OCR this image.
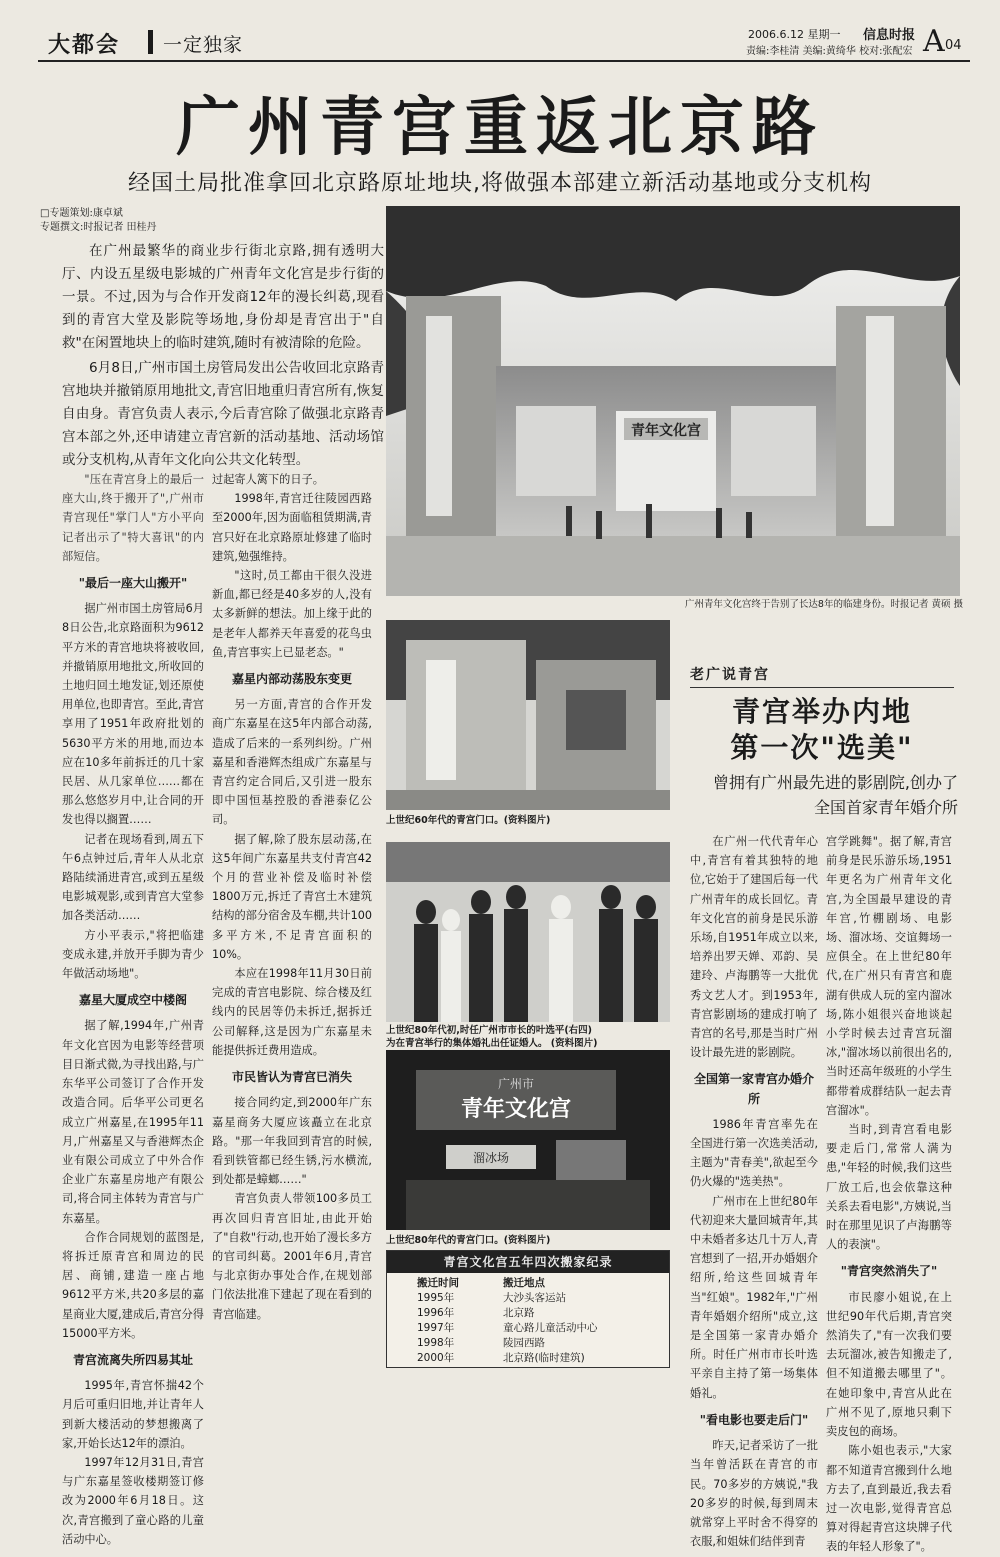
大都会 一定独家	2006.6.12 星期一 信息时报
责编:李桂清 美编:黄绮华 校对:张配宏 A 04
广州青宫重返北京路
经国土局批准拿回北京路原址地块,将做强本部建立新活动基地或分支机构
□专题策划:康卓斌
专题撰文:时报记者 田桂丹

在广州最繁华的商业步行街北京路,拥有透明大厅、内设五星级电影城的广州青年文化宫是步行街的一景。不过,因为与合作开发商12年的漫长纠葛,现看到的青宫大堂及影院等场地,身份却是青宫出于"自救"在闲置地块上的临时建筑,随时有被清除的危险。

6月8日,广州市国土房管局发出公告收回北京路青宫地块并撤销原用地批文,青宫旧地重归青宫所有,恢复自由身。青宫负责人表示,今后青宫除了做强北京路青宫本部之外,还申请建立青宫新的活动基地、活动场馆或分支机构,从青年文化向公共文化转型。

"压在青宫身上的最后一座大山,终于搬开了",广州市青宫现任"掌门人"方小平向记者出示了"特大喜讯"的内部短信。

"最后一座大山搬开"

据广州市国土房管局6月8日公告,北京路面积为9612平方米的青宫地块将被收回,并撤销原用地批文,所收回的土地归回土地发证,划还原使用单位,也即青宫。至此,青宫享用了1951年政府批划的5630平方米的用地,而边本应在10多年前拆迁的几十家民居、从几家单位……都在那么悠悠岁月中,让合同的开发也得以搁置……

记者在现场看到,周五下午6点钟过后,青年人从北京路陆续涌进青宫,或到五星级电影城观影,或到青宫大堂参加各类活动……

方小平表示,"将把临建变成永建,并放开手脚为青少年做活动场地"。

嘉星大厦成空中楼阁

据了解,1994年,广州青年文化宫因为电影等经营项目日渐式微,为寻找出路,与广东华平公司签订了合作开发改造合同。后华平公司更名成立广州嘉星,在1995年11月,广州嘉星又与香港辉杰企业有限公司成立了中外合作企业广东嘉星房地产有限公司,将合同主体转为青宫与广东嘉星。

合作合同规划的蓝图是,将拆迁原青宫和周边的民居、商铺,建造一座占地9612平方米,共20多层的嘉星商业大厦,建成后,青宫分得15000平方米。

青宫流离失所四易其址

1995年,青宫怀揣42个月后可重归旧地,并让青年人到新大楼活动的梦想搬离了家,开始长达12年的漂泊。

1997年12月31日,青宫与广东嘉星签收楼期签订修改为2000年6月18日。这次,青宫搬到了童心路的儿童活动中心。

过起寄人篱下的日子。

1998年,青宫迁往陵园西路至2000年,因为面临租赁期满,青宫只好在北京路原址修建了临时建筑,勉强维持。

"这时,员工都由干很久没进新血,都已经是40多岁的人,没有太多新鲜的想法。加上缘于此的是老年人都养天年喜爱的花鸟虫鱼,青宫事实上已显老态。"

嘉星内部动荡股东变更

另一方面,青宫的合作开发商广东嘉星在这5年内部合动荡,造成了后来的一系列纠纷。广州嘉星和香港辉杰组成广东嘉星与青宫约定合同后,又引进一股东即中国恒基控股的香港泰亿公司。

据了解,除了股东层动荡,在这5年间广东嘉星共支付青宫42个月的营业补偿及临时补偿1800万元,拆迁了青宫土木建筑结构的部分宿舍及车棚,共计100多平方米,不足青宫面积的10%。

本应在1998年11月30日前完成的青宫电影院、综合楼及红线内的民居等仍未拆迁,据拆迁公司解释,这是因为广东嘉星未能提供拆迁费用造成。

市民皆认为青宫已消失

接合同约定,到2000年广东嘉星商务大厦应该矗立在北京路。"那一年我回到青宫的时候,看到铁管都已经生锈,污水横流,到处都是蟑螂……"

青宫负责人带领100多员工再次回归青宫旧址,由此开始了"自救"行动,也开始了漫长多方的官司纠葛。2001年6月,青宫与北京街办事处合作,在规划部门依法批准下建起了现在看到的青宫临建。

青年文化宫
广州青年文化宫终于告别了长达8年的临建身份。时报记者 黄硕 摄
上世纪60年代的青宫门口。(资料图片)
上世纪80年代初,时任广州市市长的叶选平(右四)
为在青宫举行的集体婚礼出任证婚人。 (资料图片)
广州市
青年文化宫
溜冰场
上世纪80年代的青宫门口。(资料图片)
青宫文化宫五年四次搬家纪录
搬迁时间	搬迁地点
1995年	大沙头客运站
1996年	北京路
1997年	童心路儿童活动中心
1998年	陵园西路
2000年	北京路(临时建筑)
老广说青宫
青宫举办内地
第一次"选美"
曾拥有广州最先进的影剧院,创办了全国首家青年婚介所

在广州一代代青年心中,青宫有着其独特的地位,它始于了建国后每一代广州青年的成长回忆。青年文化宫的前身是民乐游乐场,自1951年成立以来,培养出罗天婵、邓韵、吴建玲、卢海鹏等一大批优秀文艺人才。到1953年,青宫影剧场的建成打响了青宫的名号,那是当时广州设计最先进的影剧院。

全国第一家青宫办婚介所

1986年青宫率先在全国进行第一次选美活动,主题为"青春美",欲起至今仍火爆的"选美热"。

广州市在上世纪80年代初迎来大量回城青年,其中未婚者多达几十万人,青宫想到了一招,开办婚姻介绍所,给这些回城青年当"红娘"。1982年,"广州青年婚姻介绍所"成立,这是全国第一家青办婚介所。时任广州市市长叶选平亲自主持了第一场集体婚礼。

"看电影也要走后门"

昨天,记者采访了一批当年曾活跃在青宫的市民。70多岁的方姨说,"我20多岁的时候,每到周末就常穿上平时舍不得穿的衣服,和姐妹们结伴到青

宫学跳舞"。据了解,青宫前身是民乐游乐场,1951年更名为广州青年文化宫,为全国最早建设的青年宫,竹棚剧场、电影场、溜冰场、交谊舞场一应俱全。在上世纪80年代,在广州只有青宫和鹿湖有供成人玩的室内溜冰场,陈小姐很兴奋地谈起小学时候去过青宫玩溜冰,"溜冰场以前很出名的,当时还高年级班的小学生都带着成群结队一起去青宫溜冰"。

当时,到青宫看电影要走后门,常常人满为患,"年轻的时候,我们这些厂放工后,也会依靠这种关系去看电影",方姨说,当时在那里见识了卢海鹏等人的表演"。

"青宫突然消失了"

市民廖小姐说,在上世纪90年代后期,青宫突然消失了,"有一次我们要去玩溜冰,被告知搬走了,但不知道搬去哪里了"。在她印象中,青宫从此在广州不见了,原地只剩下卖皮包的商场。

陈小姐也表示,"大家都不知道青宫搬到什么地方去了,直到最近,我去看过一次电影,觉得青宫总算对得起青宫这块牌子代表的年轻人形象了"。
